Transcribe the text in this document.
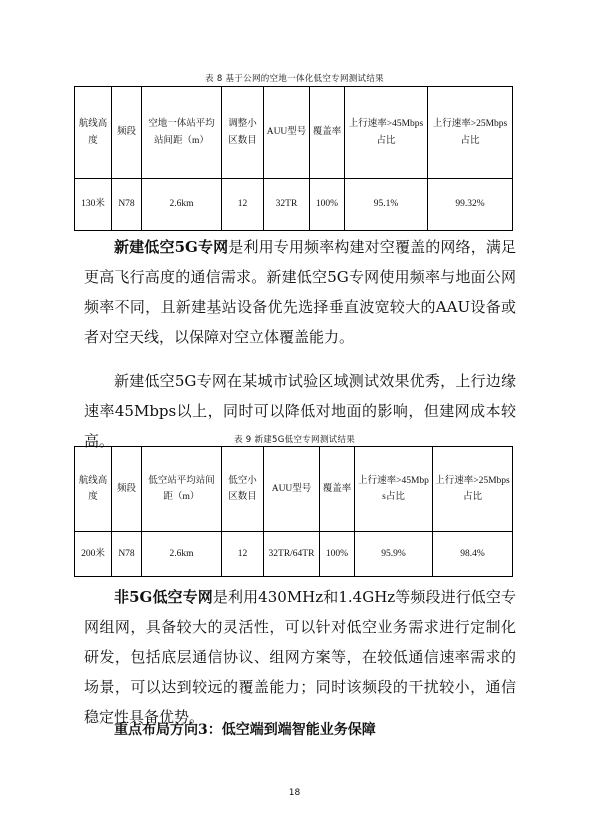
表 8 基于公网的空地一体化低空专网测试结果
航线高度	频段	空地一体站平均站间距（m）	调整小区数目	AUU型号	覆盖率	上行速率>45Mbps占比	上行速率>25Mbps占比
130米	N78	2.6km	12	32TR	100%	95.1%	99.32%

新建低空5G专网是利用专用频率构建对空覆盖的网络，满足更高飞行高度的通信需求。新建低空5G专网使用频率与地面公网频率不同，且新建基站设备优先选择垂直波宽较大的AAU设备或者对空天线，以保障对空立体覆盖能力。

新建低空5G专网在某城市试验区域测试效果优秀，上行边缘速率45Mbps以上，同时可以降低对地面的影响，但建网成本较高。	表 9 新建5G低空专网测试结果
航线高度	频段	低空站平均站间距（m）	低空小区数目	AUU型号	覆盖率	上行速率>45Mbps占比	上行速率>25Mbps占比
200米	N78	2.6km	12	32TR/64TR	100%	95.9%	98.4%

非5G低空专网是利用430MHz和1.4GHz等频段进行低空专网组网，具备较大的灵活性，可以针对低空业务需求进行定制化研发，包括底层通信协议、组网方案等，在较低通信速率需求的场景，可以达到较远的覆盖能力；同时该频段的干扰较小，通信稳定性具备优势。

重点布局方向3：低空端到端智能业务保障

18
